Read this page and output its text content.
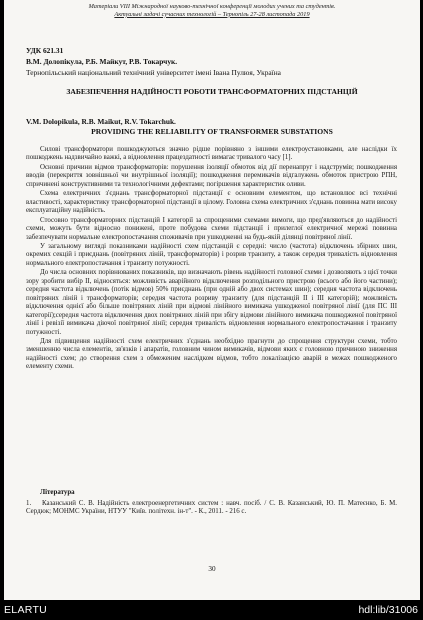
Матеріали VIII Міжнародної науково-технічної конференції молодих учених та студентів.
Актуальні задачі сучасних технологій – Тернопіль 27-28 листопада 2019
УДК 621.31
В.М. Долопікула, Р.Б. Майкут, Р.В. Токарчук.
Тернопільський національний технічний університет імені Івана Пулюя, Україна
ЗАБЕЗПЕЧЕННЯ НАДІЙНОСТІ РОБОТИ ТРАНСФОРМАТОРНИХ ПІДСТАНЦІЙ
V.M. Dolopikula, R.B. Maikut, R.V. Tokarchuk.
PROVIDING THE RELIABILITY OF TRANSFORMER SUBSTATIONS

Силові трансформатори пошкоджуються значно рідше порівняно з іншими електроустановками, але наслідки їх пошкоджень надзвичайно важкі, а відновлення працездатності вимагає тривалого часу [1].

Основні причини відмов трансформаторів: порушення ізоляції обмоток від дії перенапруг і надструмів; пошкодження вводів (перекриття зовнішньої чи внутрішньої ізоляції); пошкодження перемикачів відгалужень обмоток пристрою РПН, спричинені конструктивними та технологічними дефектами; погіршення характеристик оливи.

Схема електричних з'єднань трансформаторної підстанції є основним елементом, що встановлює всі технічні властивості, характеристику трансформаторної підстанції в цілому. Головна схема електричних з'єднань повинна мати високу експлуатаційну надійність.

Стосовно трансформаторних підстанцій I категорії за спрощеними схемами вимоги, що пред'являються до надійності схеми, можуть бути відносно понижені, проте побудова схеми підстанції і прилеглої електричної мережі повинна забезпечувати нормальне електропостачання споживачів при ушкодженні на будь-якій ділянці повітряної лінії.

У загальному вигляді показниками надійності схем підстанцій є середні: число (частота) відключень збірних шин, окремих секцій і приєднань (повітряних ліній, трансформаторів) і розрив транзиту, а також середня тривалість відновлення нормального електропостачання і транзиту потужності.

До числа основних порівнюваних показників, що визначають рівень надійності головної схеми і дозволяють з цієї точки зору зробити вибір II, відносяться: можливість аварійного відключення розподільного пристрою (всього або його частини); середня частота відключень (потік відмов) 50% приєднань (при одній або двох системах шин); середня частота відключень повітряних ліній і трансформаторів; середня частота розриву транзиту (для підстанцій II і III категорій); можливість відключення однієї або більше повітряних ліній при відмові лінійного вимикача ушкодженої повітряної лінії (для ПС III категорії);середня частота відключення двох повітряних ліній при збігу відмови лінійного вимикача пошкодженої повітряної лінії і ревізії вимикача діючої повітряної лінії; середня тривалість відновлення нормального електропостачання і транзиту потужності.

Для підвищення надійності схем електричних з'єднань необхідно прагнути до спрощення структури схеми, тобто зменшенню числа елементів, зв'язків і апаратів, головним чином вимикачів, відмови яких є головною причиною зниження надійності схем; до створення схем з обмеженим наслідком відмов, тобто локалізацією аварій в межах пошкодженого елементу схеми.

Література
1. Казанський С. В. Надійність електроенергетичних систем : навч. посіб. / С. В. Казанський, Ю. П. Матеєнко, Б. М. Сердюк; МОНМС України, НТУУ "Київ. політехн. ін-т". - К., 2011. - 216 с.
30
ELARTU	hdl:lib/31006
